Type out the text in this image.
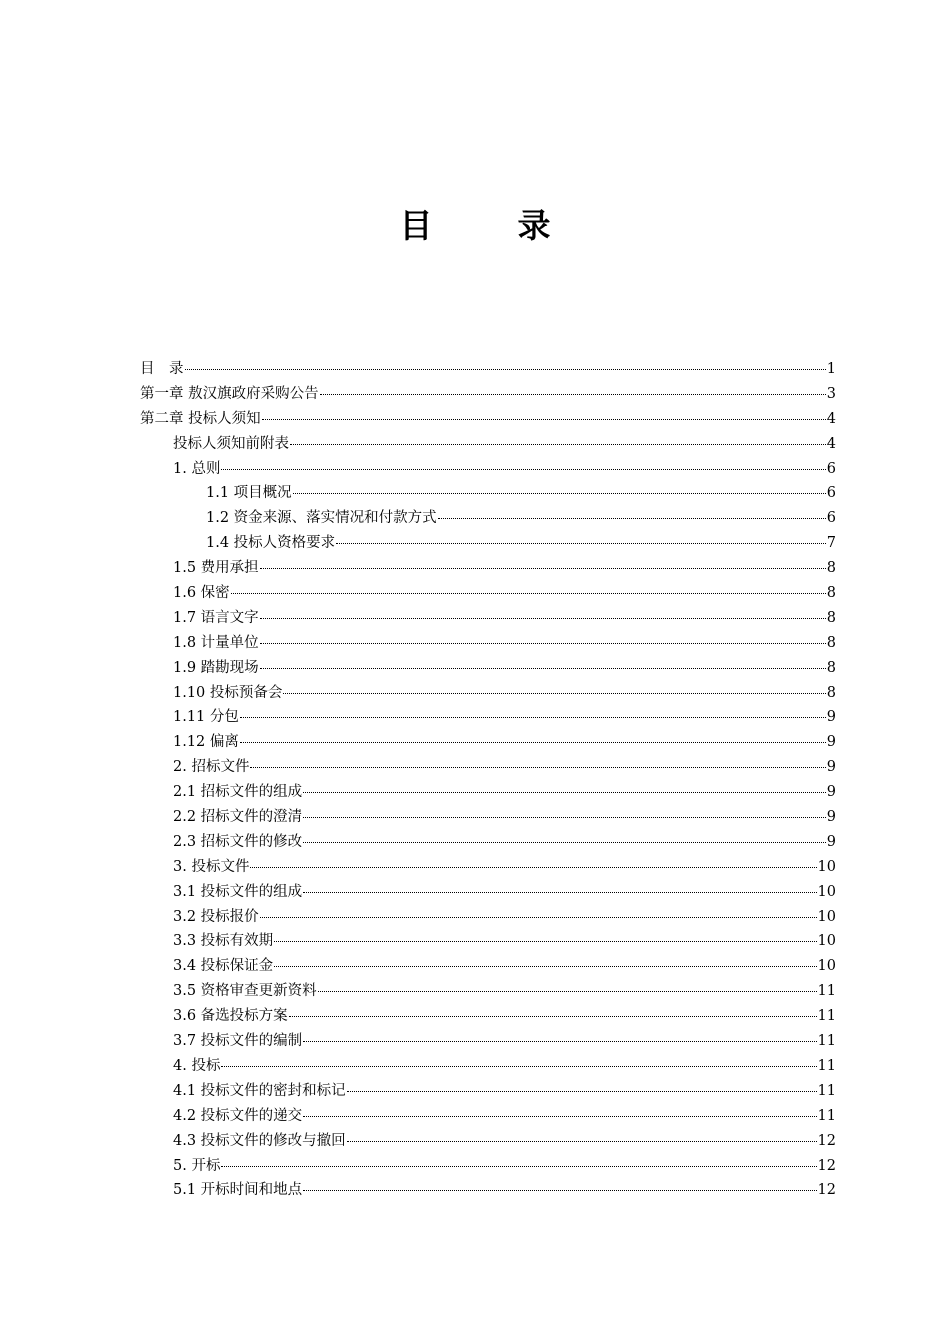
目　录
目　录	1
第一章 敖汉旗政府采购公告	3
第二章 投标人须知	4
投标人须知前附表	4
1. 总则	6
1.1 项目概况	6
1.2 资金来源、落实情况和付款方式	6
1.4 投标人资格要求	7
1.5 费用承担	8
1.6 保密	8
1.7 语言文字	8
1.8 计量单位	8
1.9 踏勘现场	8
1.10 投标预备会	8
1.11 分包	9
1.12 偏离	9
2. 招标文件	9
2.1 招标文件的组成	9
2.2 招标文件的澄清	9
2.3 招标文件的修改	9
3. 投标文件	10
3.1 投标文件的组成	10
3.2 投标报价	10
3.3 投标有效期	10
3.4 投标保证金	10
3.5 资格审查更新资料	11
3.6 备选投标方案	11
3.7 投标文件的编制	11
4. 投标	11
4.1 投标文件的密封和标记	11
4.2 投标文件的递交	11
4.3 投标文件的修改与撤回	12
5. 开标	12
5.1 开标时间和地点	12
